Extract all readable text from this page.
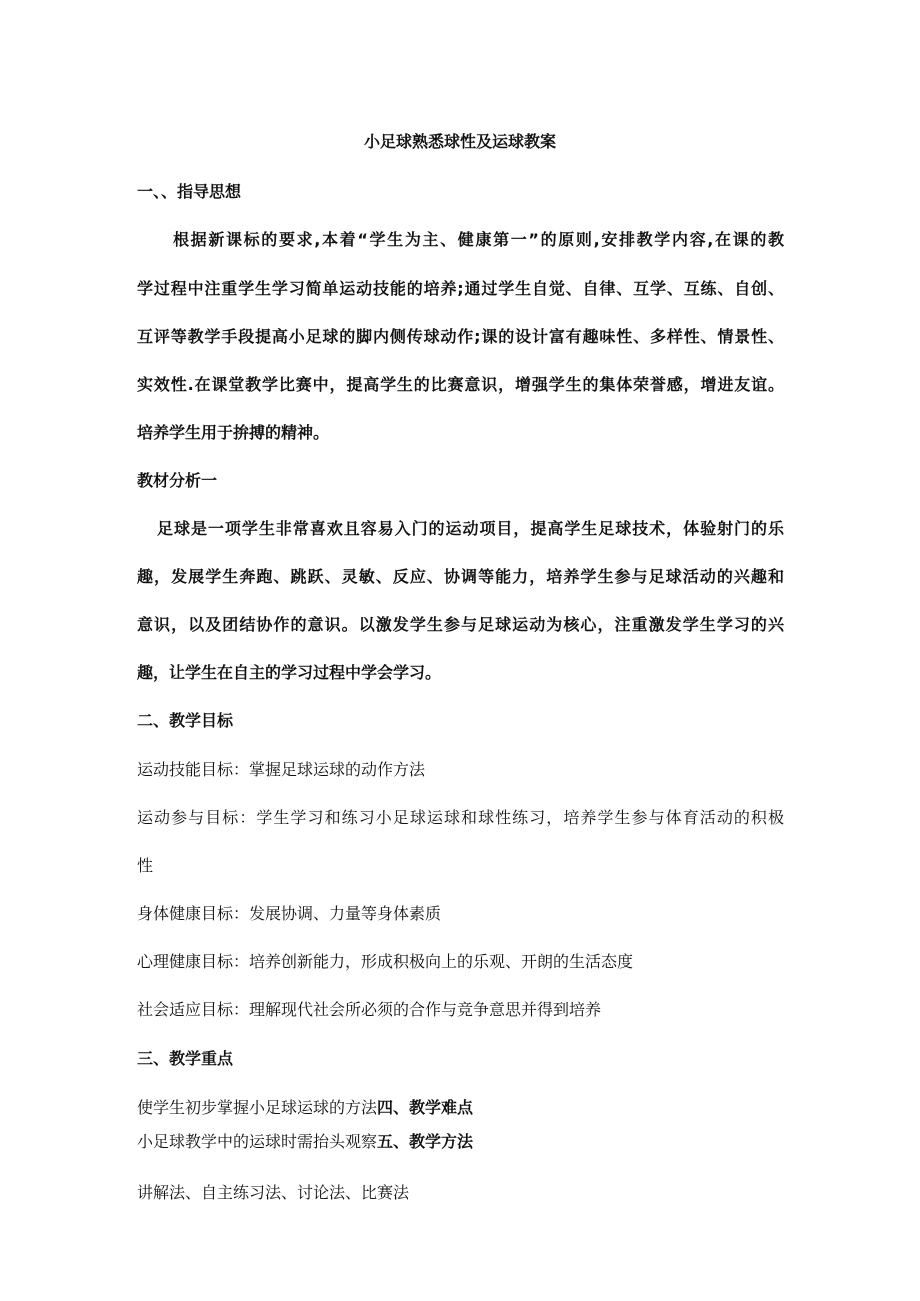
小足球熟悉球性及运球教案
一、、指导思想
根据新课标的要求,本着“学生为主、健康第一”的原则,安排教学内容,在课的教
学过程中注重学生学习简单运动技能的培养;通过学生自觉、自律、互学、互练、自创、
互评等教学手段提高小足球的脚内侧传球动作;课的设计富有趣味性、多样性、情景性、
实效性.在课堂教学比赛中，提高学生的比赛意识，增强学生的集体荣誉感，增进友谊。
培养学生用于拚搏的精神。
教材分析一
足球是一项学生非常喜欢且容易入门的运动项目，提高学生足球技术，体验射门的乐
趣，发展学生奔跑、跳跃、灵敏、反应、协调等能力，培养学生参与足球活动的兴趣和
意识，以及团结协作的意识。以激发学生参与足球运动为核心，注重激发学生学习的兴
趣，让学生在自主的学习过程中学会学习。
二、教学目标
运动技能目标：掌握足球运球的动作方法
运动参与目标：学生学习和练习小足球运球和球性练习，培养学生参与体育活动的积极
性
身体健康目标：发展协调、力量等身体素质
心理健康目标：培养创新能力，形成积极向上的乐观、开朗的生活态度
社会适应目标：理解现代社会所必须的合作与竞争意思并得到培养
三、教学重点
使学生初步掌握小足球运球的方法四、教学难点
小足球教学中的运球时需抬头观察五、教学方法
讲解法、自主练习法、讨论法、比赛法
